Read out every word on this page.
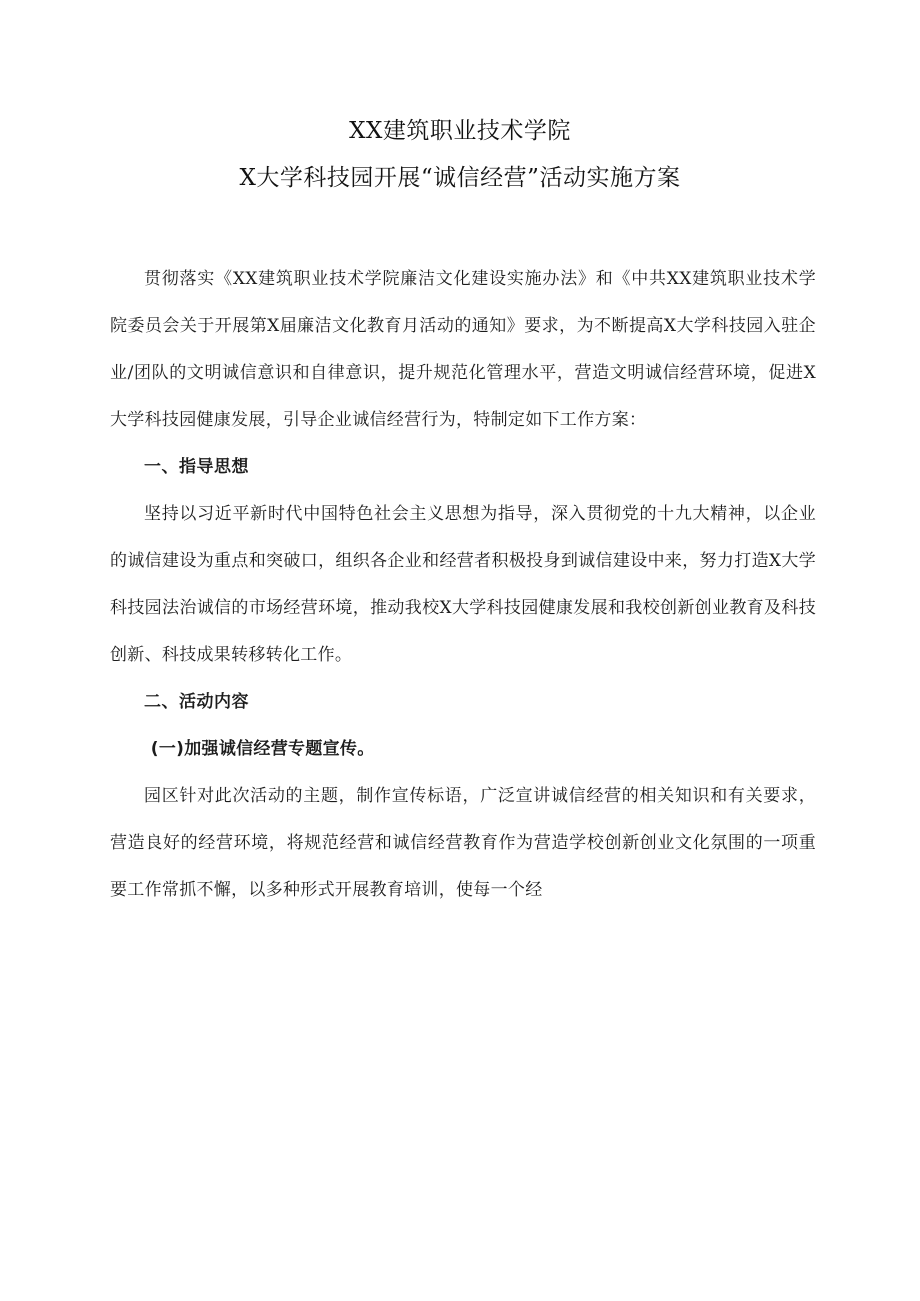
XX建筑职业技术学院
X大学科技园开展“诚信经营”活动实施方案

贯彻落实《XX建筑职业技术学院廉洁文化建设实施办法》和《中共XX建筑职业技术学院委员会关于开展第X届廉洁文化教育月活动的通知》要求，为不断提高X大学科技园入驻企业/团队的文明诚信意识和自律意识，提升规范化管理水平，营造文明诚信经营环境，促进X大学科技园健康发展，引导企业诚信经营行为，特制定如下工作方案：

一、指导思想

坚持以习近平新时代中国特色社会主义思想为指导，深入贯彻党的十九大精神，以企业的诚信建设为重点和突破口，组织各企业和经营者积极投身到诚信建设中来，努力打造X大学科技园法治诚信的市场经营环境，推动我校X大学科技园健康发展和我校创新创业教育及科技创新、科技成果转移转化工作。

二、活动内容

(一)加强诚信经营专题宣传。

园区针对此次活动的主题，制作宣传标语，广泛宣讲诚信经营的相关知识和有关要求，营造良好的经营环境，将规范经营和诚信经营教育作为营造学校创新创业文化氛围的一项重要工作常抓不懈，以多种形式开展教育培训，使每一个经
